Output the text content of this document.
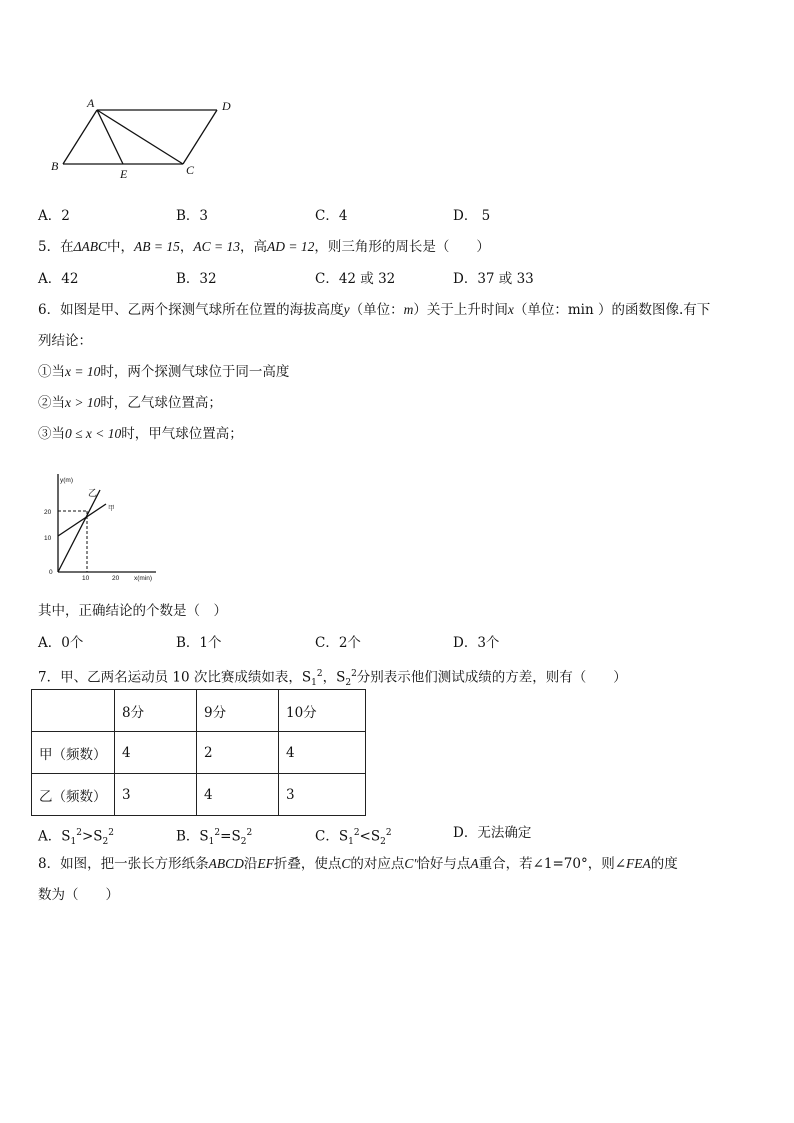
A	D
B
E	C
A．2	B．3	C．4	D． 5
5．在ΔABC中，AB = 15，AC = 13，高AD = 12，则三角形的周长是（　　）
A．42	B．32	C．42 或 32	D．37 或 33
6．如图是甲、乙两个探测气球所在位置的海拔高度y（单位：m）关于上升时间x（单位：min ）的函数图像.有下
列结论：
①当x = 10时，两个探测气球位于同一高度
②当x > 10时，乙气球位置高；
③当0 ≤ x < 10时，甲气球位置高；
y(m)
x(min)
0
10	20
10
20
乙
甲
其中，正确结论的个数是（　）
A．0个	B．1个	C．2个	D．3个
7．甲、乙两名运动员 10 次比赛成绩如表，$S_1^2$，$S_2^2$分别表示他们测试成绩的方差，则有（　　）
	8分	9分	10分
甲（频数）	4	2	4
乙（频数）	3	4	3
A．$S_1^2>S_2^2$	B．$S_1^2=S_2^2$	C．$S_1^2<S_2^2$	D．无法确定
8．如图，把一张长方形纸条ABCD沿EF折叠，使点C的对应点C′恰好与点A重合，若∠1=70°，则∠FEA的度
数为（　　）
